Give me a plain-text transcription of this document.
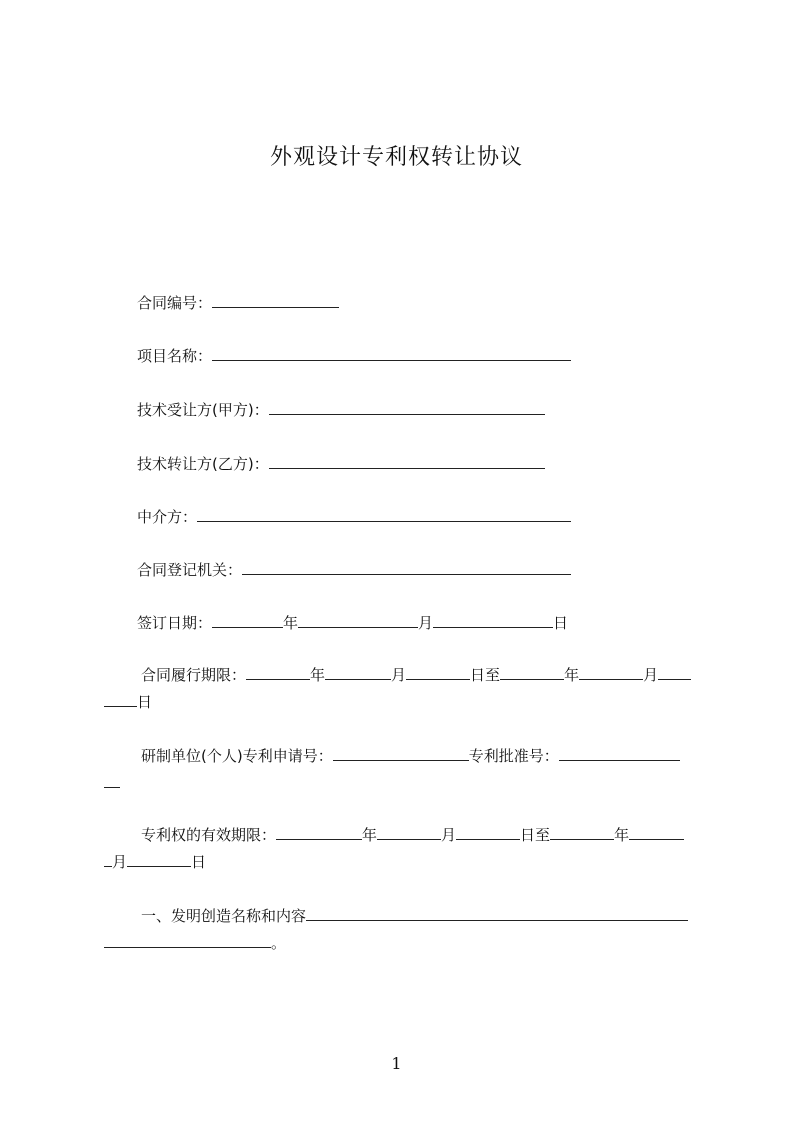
外观设计专利权转让协议
合同编号：
项目名称：
技术受让方(甲方)：
技术转让方(乙方)：
中介方：
合同登记机关：
签订日期：	年	月	日
合同履行期限：	年	月	日至	年	月
日
研制单位(个人)专利申请号：	专利批准号：
专利权的有效期限：	年	月	日至	年
月	日
一、发明创造名称和内容
。
1
